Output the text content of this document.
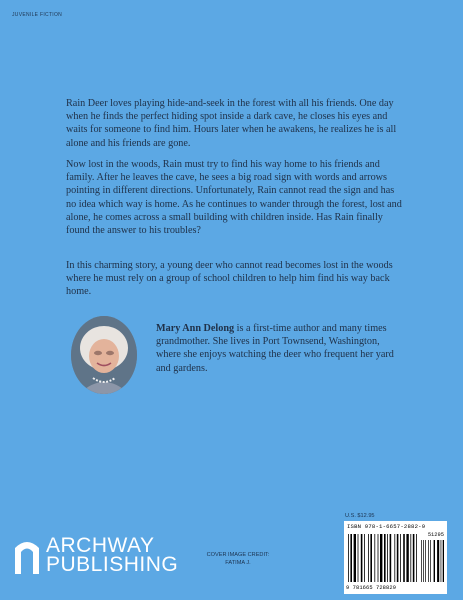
JUVENILE FICTION

Rain Deer loves playing hide-and-seek in the forest with all his friends. One day when he finds the perfect hiding spot inside a dark cave, he closes his eyes and waits for someone to find him. Hours later when he awakens, he realizes he is all alone and his friends are gone.

Now lost in the woods, Rain must try to find his way home to his friends and family. After he leaves the cave, he sees a big road sign with words and arrows pointing in different directions. Unfortunately, Rain cannot read the sign and has no idea which way is home. As he continues to wander through the forest, lost and alone, he comes across a small building with children inside. Has Rain finally found the answer to his troubles?

In this charming story, a young deer who cannot read becomes lost in the woods where he must rely on a group of school children to help him find his way back home.

Mary Ann Delong is a first-time author and many times grandmother. She lives in Port Townsend, Washington, where she enjoys watching the deer who frequent her yard and gardens.

ARCHWAY
PUBLISHING	COVER IMAGE CREDIT:
FATIMA J.
U.S. $12.95
ISBN 978-1-6657-2882-9
51295
9 781665 728829
